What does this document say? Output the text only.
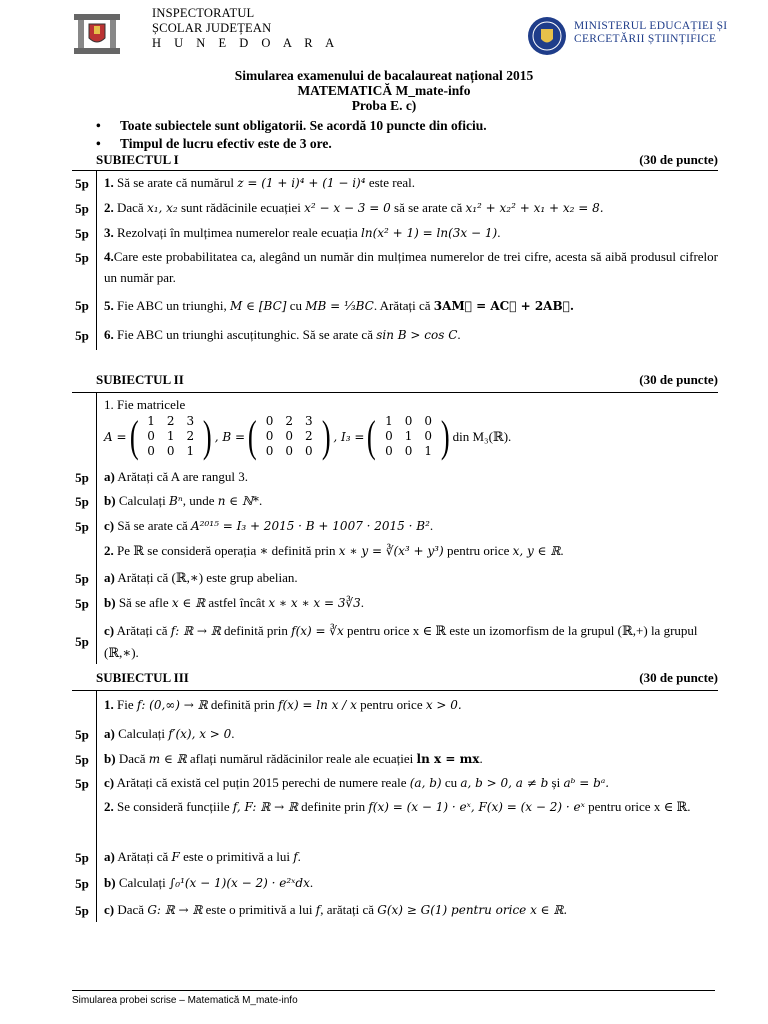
INSPECTORATUL
ȘCOLAR JUDEȚEAN
H U N E D O A R A
MINISTERUL EDUCAȚIEI ȘI
CERCETĂRII ȘTIINȚIFICE
Simularea examenului de bacalaureat național 2015
MATEMATICĂ M_mate-info
Proba E. c)
• Toate subiectele sunt obligatorii. Se acordă 10 puncte din oficiu.
• Timpul de lucru efectiv este de 3 ore.
SUBIECTUL I	(30 de puncte)
5p 1. Să se arate că numărul z = (1 + i)⁴ + (1 − i)⁴ este real.
5p 2. Dacă x₁, x₂ sunt rădăcinile ecuației x² − x − 3 = 0 să se arate că x₁² + x₂² + x₁ + x₂ = 8.
5p 3. Rezolvați în mulțimea numerelor reale ecuația ln(x² + 1) = ln(3x − 1).
5p 4.Care este probabilitatea ca, alegând un număr din mulțimea numerelor de trei cifre, acesta să aibă produsul cifrelor un număr par.
5p 5. Fie ABC un triunghi, M ∈ [BC] cu MB = ⅓BC. Arătați că 3AM⃗ = AC⃗ + 2AB⃗.
5p 6. Fie ABC un triunghi ascuțitunghic. Să se arate că sin B > cos C.
SUBIECTUL II	(30 de puncte)
1. Fie matricele
A = ( 1	2	3
0	1	2
0	0	1 ) , B = ( 0	2	3
0	0	2
0	0	0 ) , I₃ = ( 1	0	0
0	1	0
0	0	1 ) din M₃(ℝ).
5p a) Arătați că A are rangul 3.
5p b) Calculați Bⁿ, unde n ∈ ℕ*.
5p c) Să se arate că A²⁰¹⁵ = I₃ + 2015 · B + 1007 · 2015 · B².
2. Pe ℝ se consideră operația ∗ definită prin x ∗ y = ∛(x³ + y³) pentru orice x, y ∈ ℝ.
5p a) Arătați că (ℝ,∗) este grup abelian.
5p b) Să se afle x ∈ ℝ astfel încât x ∗ x ∗ x = 3∛3.
5p
c) Arătați că f: ℝ → ℝ definită prin f(x) = ∛x pentru orice x ∈ ℝ este un izomorfism de la grupul (ℝ,+) la grupul (ℝ,∗).
SUBIECTUL III	(30 de puncte)
1. Fie f: (0,∞) → ℝ definită prin f(x) = ln x / x pentru orice x > 0.
5p a) Calculați f′(x), x > 0.
5p b) Dacă m ∈ ℝ aflați numărul rădăcinilor reale ale ecuației ln x = mx.
5p c) Arătați că există cel puțin 2015 perechi de numere reale (a, b) cu a, b > 0, a ≠ b și aᵇ = bᵃ.
2. Se consideră funcțiile f, F: ℝ → ℝ definite prin f(x) = (x − 1) · eˣ, F(x) = (x − 2) · eˣ pentru orice x ∈ ℝ.
5p a) Arătați că F este o primitivă a lui f.
5p b) Calculați ∫₀¹(x − 1)(x − 2) · e²ˣdx.
5p c) Dacă G: ℝ → ℝ este o primitivă a lui f, arătați că G(x) ≥ G(1) pentru orice x ∈ ℝ.
Simularea probei scrise – Matematică M_mate-info
